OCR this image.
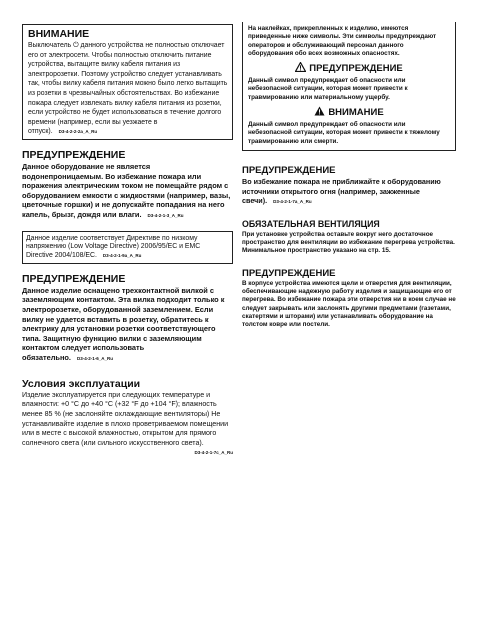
ВНИМАНИЕ

Выключатель ⏻ данного устройства не полностью отключает его от электросети. Чтобы полностью отключить питание устройства, вытащите вилку кабеля питания из электророзетки. Поэтому устройство следует устанавливать так, чтобы вилку кабеля питания можно было легко вытащить из розетки в чрезвычайных обстоятельствах. Во избежание пожара следует извлекать вилку кабеля питания из розетки, если устройство не будет использоваться в течение долгого времени (например, если вы уезжаете в отпуск). D3-4-2-2-2a_A_Ru

ПРЕДУПРЕЖДЕНИЕ

Данное оборудование не является водонепроницаемым. Во избежание пожара или поражения электрическим током не помещайте рядом с оборудованием емкости с жидкостями (например, вазы, цветочные горшки) и не допускайте попадания на него капель, брызг, дождя или влаги. D3-4-2-1-3_A_Ru

Данное изделие соответствует Директиве по низкому напряжению (Low Voltage Directive) 2006/95/EC и EMC Directive 2004/108/EC. D3-4-2-1-9a_A_Ru

ПРЕДУПРЕЖДЕНИЕ

Данное изделие оснащено трехконтактной вилкой с заземляющим контактом. Эта вилка подходит только к электророзетке, оборудованной заземлением. Если вилку не удается вставить в розетку, обратитесь к электрику для установки розетки соответствующего типа. Защитную функцию вилки с заземляющим контактом следует использовать обязательно. D3-4-2-1-6_A_Ru

Условия эксплуатации

Изделие эксплуатируется при следующих температуре и влажности: +0 °C до +40 °C (+32 °F до +104 °F); влажность менее 85 % (не заслоняйте охлаждающие вентиляторы) Не устанавливайте изделие в плохо проветриваемом помещении или в месте с высокой влажностью, открытом для прямого солнечного света (или сильного искусственного света).

D3-4-2-1-7c_A_Ru

На наклейках, прикрепленных к изделию, имеются приведенные ниже символы. Эти символы предупреждают операторов и обслуживающий персонал данного оборудования обо всех возможных опасностях.

ПРЕДУПРЕЖДЕНИЕ

Данный символ предупреждает об опасности или небезопасной ситуации, которая может привести к травмированию или материальному ущербу.

ВНИМАНИЕ

Данный символ предупреждает об опасности или небезопасной ситуации, которая может привести к тяжелому травмированию или смерти.

ПРЕДУПРЕЖДЕНИЕ

Во избежание пожара не приближайте к оборудованию источники открытого огня (например, зажженные свечи). D3-4-2-1-7a_A_Ru

ОБЯЗАТЕЛЬНАЯ ВЕНТИЛЯЦИЯ

При установке устройства оставьте вокруг него достаточное пространство для вентиляции во избежание перегрева устройства. Минимальное пространство указано на стр. 15.

ПРЕДУПРЕЖДЕНИЕ

В корпусе устройства имеются щели и отверстия для вентиляции, обеспечивающие надежную работу изделия и защищающие его от перегрева. Во избежание пожара эти отверстия ни в коем случае не следует закрывать или заслонять другими предметами (газетами, скатертями и шторами) или устанавливать оборудование на толстом ковре или постели.
